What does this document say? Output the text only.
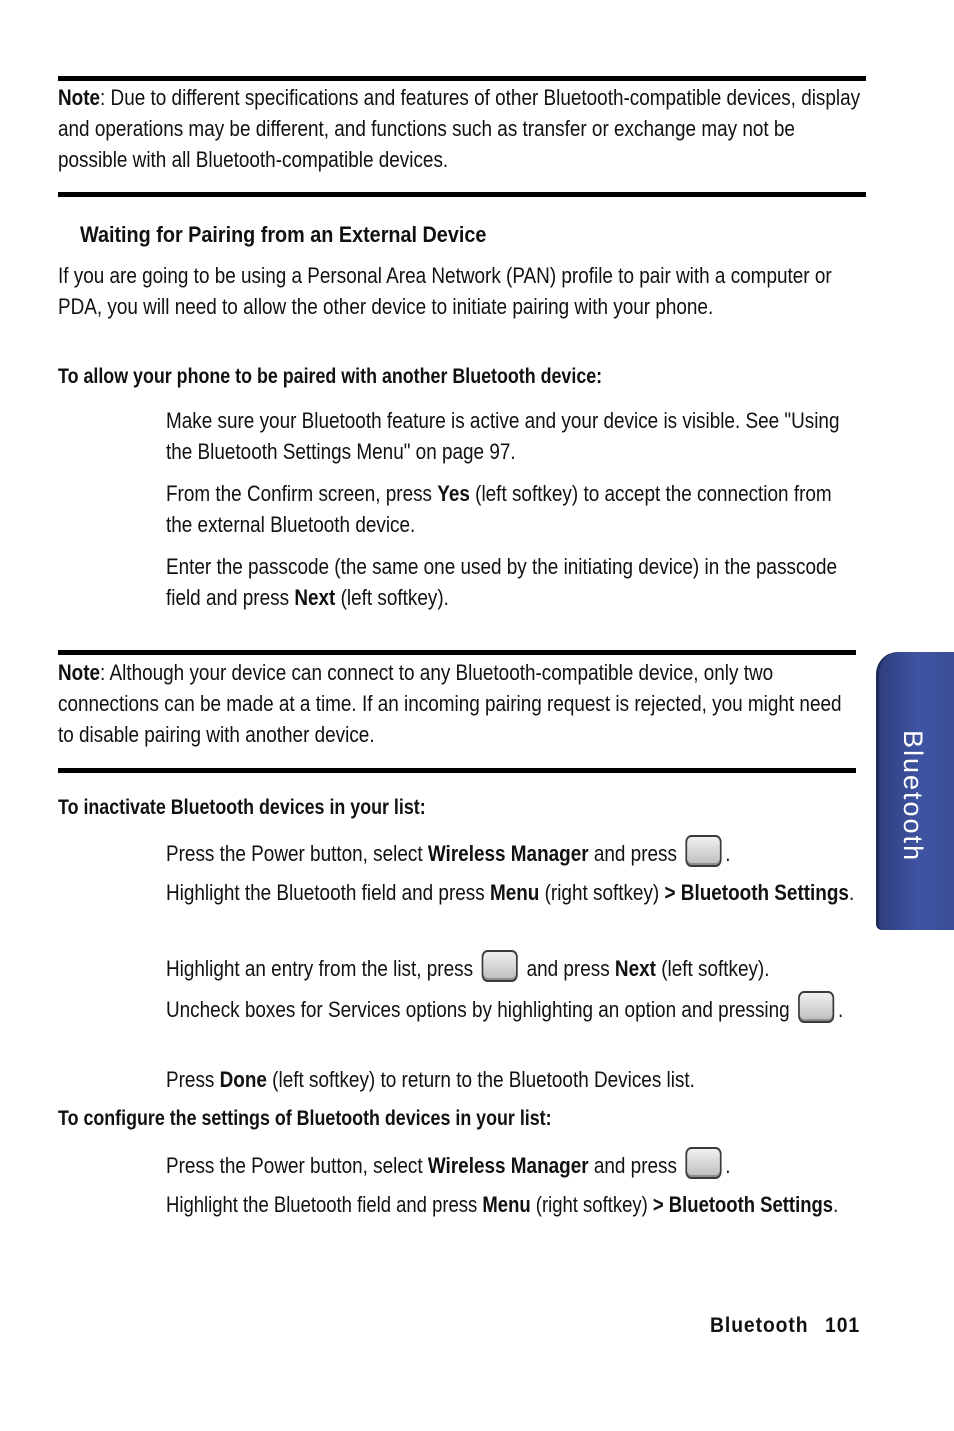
Note: Due to different specifications and features of other Bluetooth-compatible devices, display and operations may be different, and functions such as transfer or exchange may not be possible with all Bluetooth-compatible devices.
Waiting for Pairing from an External Device
If you are going to be using a Personal Area Network (PAN) profile to pair with a computer or PDA, you will need to allow the other device to initiate pairing with your phone.
To allow your phone to be paired with another Bluetooth device:
Make sure your Bluetooth feature is active and your device is visible. See "Using the Bluetooth Settings Menu" on page 97.
From the Confirm screen, press Yes (left softkey) to accept the connection from the external Bluetooth device.
Enter the passcode (the same one used by the initiating device) in the passcode field and press Next (left softkey).
Note: Although your device can connect to any Bluetooth-compatible device, only two connections can be made at a time. If an incoming pairing request is rejected, you might need to disable pairing with another device.
To inactivate Bluetooth devices in your list:
Press the Power button, select Wireless Manager and press .
Highlight the Bluetooth field and press Menu (right softkey) > Bluetooth Settings.
Highlight an entry from the list, press  and press Next (left softkey).
Uncheck boxes for Services options by highlighting an option and pressing .
Press Done (left softkey) to return to the Bluetooth Devices list.
To configure the settings of Bluetooth devices in your list:
Press the Power button, select Wireless Manager and press .
Highlight the Bluetooth field and press Menu (right softkey) > Bluetooth Settings.
Bluetooth
Bluetooth 101
